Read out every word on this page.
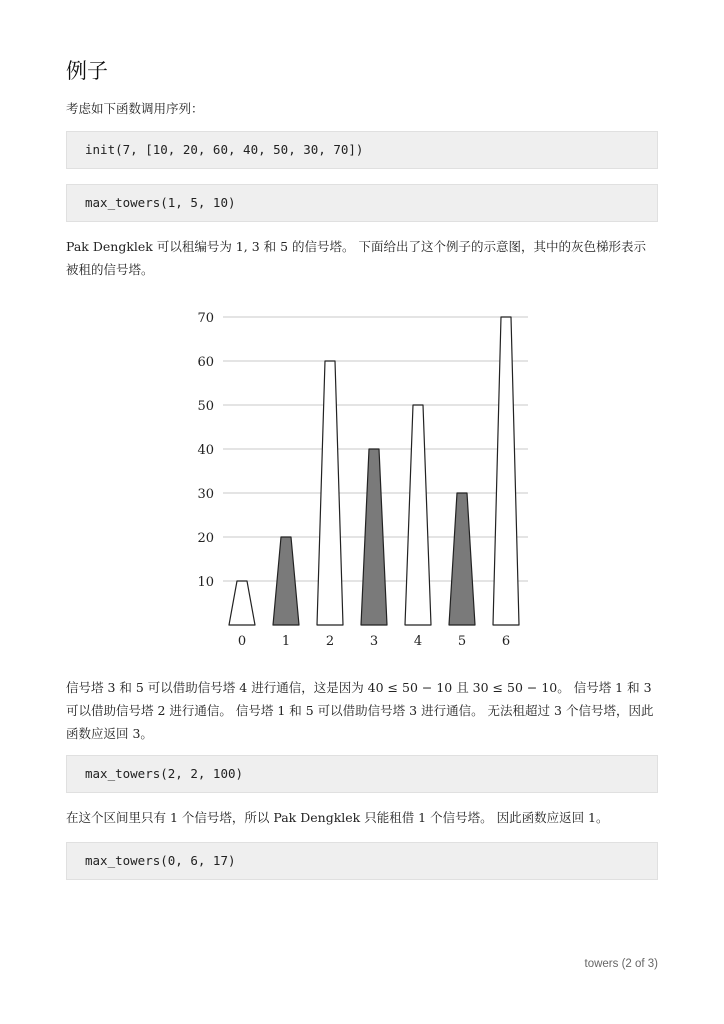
例子

考虑如下函数调用序列：

init(7, [10, 20, 60, 40, 50, 30, 70])
max_towers(1, 5, 10)

Pak Dengklek 可以租编号为 1, 3 和 5 的信号塔。 下面给出了这个例子的示意图，其中的灰色梯形表示
被租的信号塔。

10
20
30
40
50
60
70
0	1	2	3	4	5	6

信号塔 3 和 5 可以借助信号塔 4 进行通信，这是因为 40 ≤ 50 − 10 且 30 ≤ 50 − 10。 信号塔 1 和 3
可以借助信号塔 2 进行通信。 信号塔 1 和 5 可以借助信号塔 3 进行通信。 无法租超过 3 个信号塔，因此
函数应返回 3。

max_towers(2, 2, 100)

在这个区间里只有 1 个信号塔，所以 Pak Dengklek 只能租借 1 个信号塔。 因此函数应返回 1。

max_towers(0, 6, 17)
towers (2 of 3)
